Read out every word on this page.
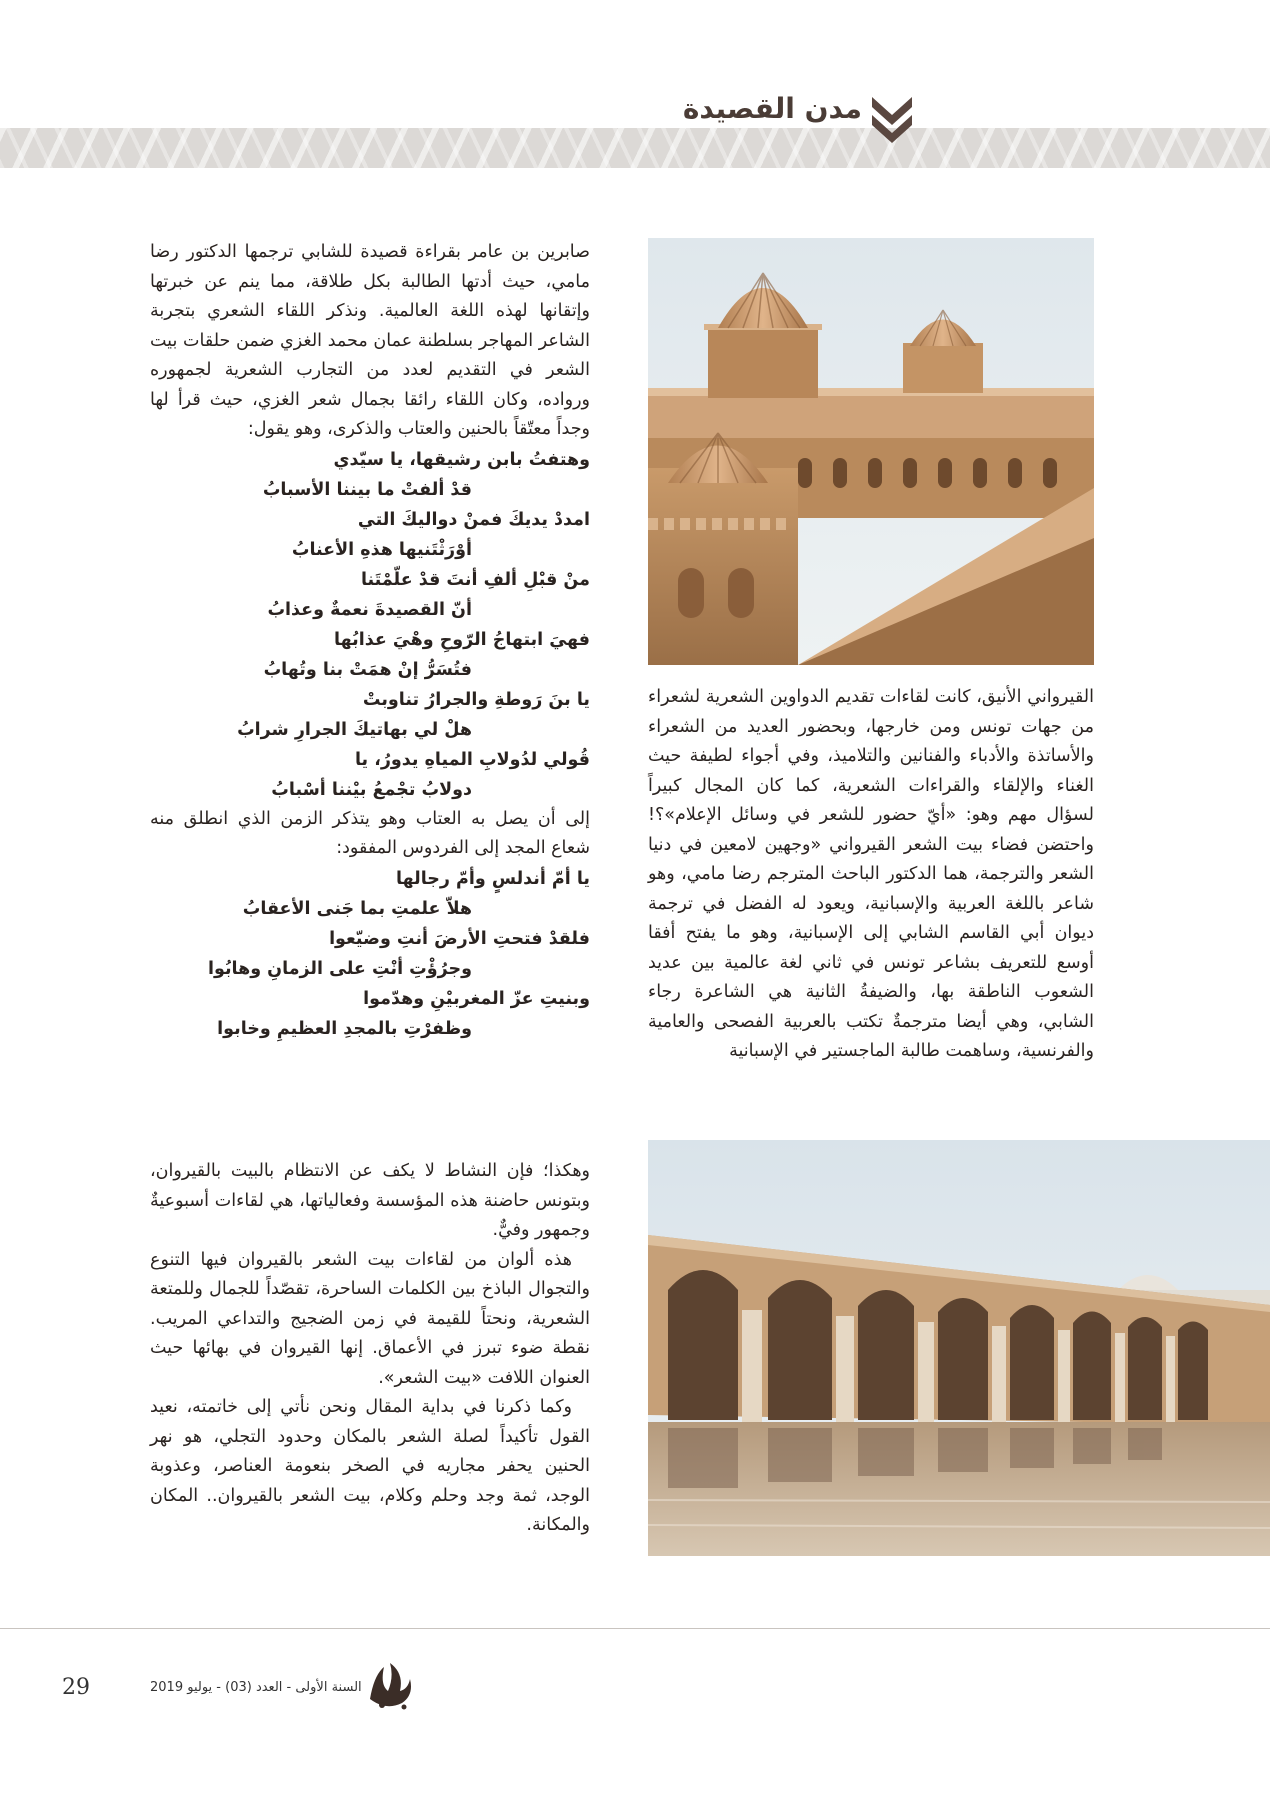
مدن القصيدة

صابرين بن عامر بقراءة قصيدة للشابي ترجمها الدكتور رضا مامي، حيث أدتها الطالبة بكل طلاقة، مما ينم عن خبرتها وإتقانها لهذه اللغة العالمية. ونذكر اللقاء الشعري بتجربة الشاعر المهاجر بسلطنة عمان محمد الغزي ضمن حلقات بيت الشعر في التقديم لعدد من التجارب الشعرية لجمهوره ورواده، وكان اللقاء رائقا بجمال شعر الغزي، حيث قرأ لها وجداً معتّقاً بالحنين والعتاب والذكرى، وهو يقول:

وهتفتُ بابن رشيقها، يا سيّدي
قدْ ألفتْ ما بيننا الأسبابُ
امددْ يديكَ فمنْ دواليكَ التي
أوْرَثْتَنيها هذهِ الأعنابُ
منْ قبْلِ ألفِ أنتَ قدْ علّمْتَنا
أنّ القصيدةَ نعمةٌ وعذابُ
فهيَ ابتهاجُ الرّوحِ وهْيَ عذابُها
فتُسَرُّ إنْ همَتْ بنا وتُهابُ
يا بنَ رَوطةِ والجرارُ تناوبتْ
هلْ لي بهاتيكَ الجرارِ شرابُ
قُولي لدُولابِ المياهِ يدورُ، يا
دولابُ تجْمعُ بيْننا أسْبابُ

إلى أن يصل به العتاب وهو يتذكر الزمن الذي انطلق منه شعاع المجد إلى الفردوس المفقود:

يا أمّ أندلسٍ وأمّ رجالها
هلاّ علمتِ بما جَنى الأعقابُ
فلقدْ فتحتِ الأرضَ أنتِ وضيّعوا
وجرُؤْتِ أنْتِ على الزمانِ وهابُوا
وبنيتِ عزّ المغربيْنِ وهدّموا
وظفرْتِ بالمجدِ العظيمِ وخابوا

وهكذا؛ فإن النشاط لا يكف عن الانتظام بالبيت بالقيروان، وبتونس حاضنة هذه المؤسسة وفعالياتها، هي لقاءات أسبوعيةٌ وجمهور وفيٌّ.

هذه ألوان من لقاءات بيت الشعر بالقيروان فيها التنوع والتجوال الباذخ بين الكلمات الساحرة، تقصّداً للجمال وللمتعة الشعرية، ونحتاً للقيمة في زمن الضجيج والتداعي المريب. نقطة ضوء تبرز في الأعماق. إنها القيروان في بهائها حيث العنوان اللافت «بيت الشعر».

وكما ذكرنا في بداية المقال ونحن نأتي إلى خاتمته، نعيد القول تأكيداً لصلة الشعر بالمكان وحدود التجلي، هو نهر الحنين يحفر مجاريه في الصخر بنعومة العناصر، وعذوبة الوجد، ثمة وجد وحلم وكلام، بيت الشعر بالقيروان.. المكان والمكانة.

القيرواني الأنيق، كانت لقاءات تقديم الدواوين الشعرية لشعراء من جهات تونس ومن خارجها، وبحضور العديد من الشعراء والأساتذة والأدباء والفنانين والتلاميذ، وفي أجواء لطيفة حيث الغناء والإلقاء والقراءات الشعرية، كما كان المجال كبيراً لسؤال مهم وهو: «أيّ حضور للشعر في وسائل الإعلام»؟! واحتضن فضاء بيت الشعر القيرواني «وجهين لامعين في دنيا الشعر والترجمة، هما الدكتور الباحث المترجم رضا مامي، وهو شاعر باللغة العربية والإسبانية، ويعود له الفضل في ترجمة ديوان أبي القاسم الشابي إلى الإسبانية، وهو ما يفتح أفقا أوسع للتعريف بشاعر تونس في ثاني لغة عالمية بين عديد الشعوب الناطقة بها، والضيفةُ الثانية هي الشاعرة رجاء الشابي، وهي أيضا مترجمةٌ تكتب بالعربية الفصحى والعامية والفرنسية، وساهمت طالبة الماجستير في الإسبانية

29	السنة الأولى - العدد (03) - يوليو 2019
